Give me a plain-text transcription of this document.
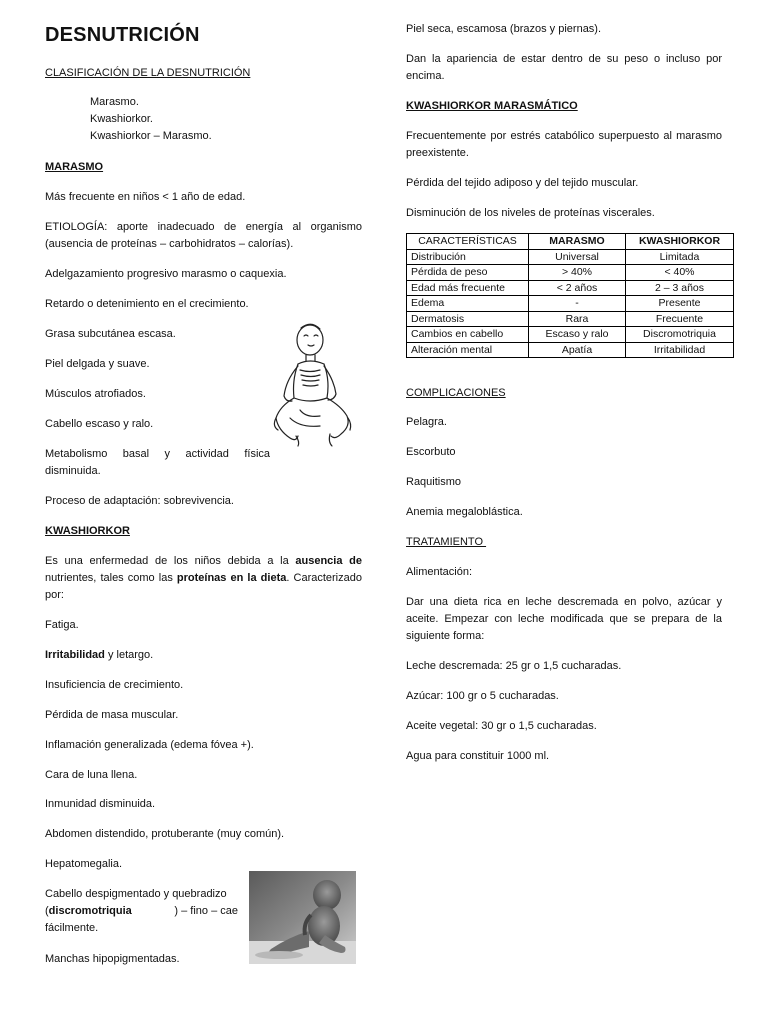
DESNUTRICIÓN
CLASIFICACIÓN DE LA DESNUTRICIÓN
Marasmo.
Kwashiorkor.
Kwashiorkor – Marasmo.
MARASMO
Más frecuente en niños < 1 año de edad.
ETIOLOGÍA: aporte inadecuado de energía al organismo (ausencia de proteínas – carbohidratos – calorías).
Adelgazamiento progresivo marasmo o caquexia.
Retardo o detenimiento en el crecimiento.
Grasa subcutánea escasa.
Piel delgada y suave.
Músculos atrofiados.
Cabello escaso y ralo.
Metabolismo basal y actividad física disminuida.
Proceso de adaptación: sobrevivencia.
KWASHIORKOR
Es una enfermedad de los niños debida a la ausencia de nutrientes, tales como las proteínas en la dieta. Caracterizado por:
Fatiga.
Irritabilidad y letargo.
Insuficiencia de crecimiento.
Pérdida de masa muscular.
Inflamación generalizada (edema fóvea +).
Cara de luna llena.
Inmunidad disminuida.
Abdomen distendido, protuberante (muy común).
Hepatomegalia.
Cabello despigmentado y quebradizo
(discromotriquia	) – fino – cae
fácilmente.
Manchas hipopigmentadas.
Piel seca, escamosa (brazos y piernas).
Dan la apariencia de estar dentro de su peso o incluso por encima.
KWASHIORKOR MARASMÁTICO
Frecuentemente por estrés catabólico superpuesto al marasmo preexistente.
Pérdida del tejido adiposo y del tejido muscular.
Disminución de los niveles de proteínas viscerales.
CARACTERÍSTICAS	MARASMO	KWASHIORKOR
Distribución	Universal	Limitada
Pérdida de peso	> 40%	< 40%
Edad más frecuente	< 2 años	2 – 3 años
Edema	-	Presente
Dermatosis	Rara	Frecuente
Cambios en cabello	Escaso y ralo	Discromotriquia
Alteración mental	Apatía	Irritabilidad
COMPLICACIONES
Pelagra.
Escorbuto
Raquitismo
Anemia megaloblástica.
TRATAMIENTO
Alimentación:
Dar una dieta rica en leche descremada en polvo, azúcar y aceite. Empezar con leche modificada que se prepara de la siguiente forma:
Leche descremada: 25 gr o 1,5 cucharadas.
Azúcar: 100 gr o 5 cucharadas.
Aceite vegetal: 30 gr o 1,5 cucharadas.
Agua para constituir 1000 ml.
